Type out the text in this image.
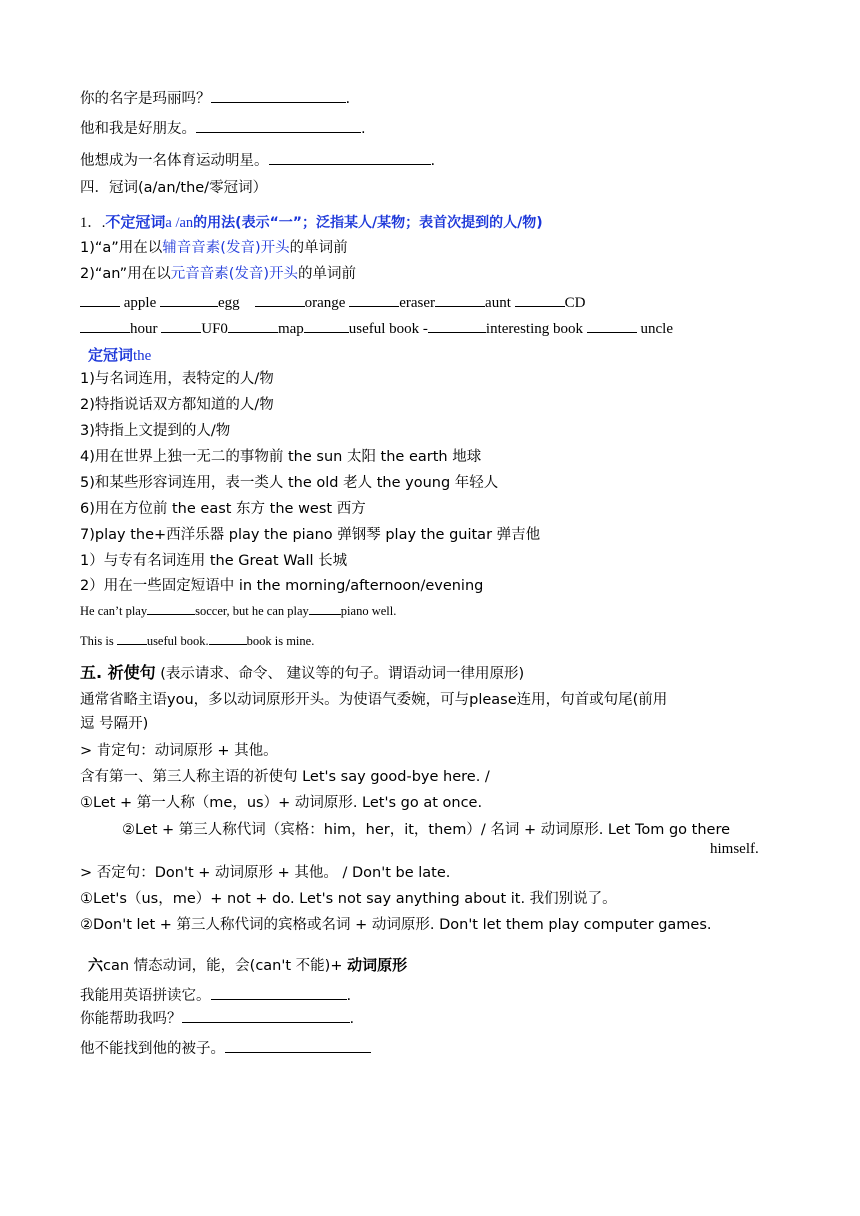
你的名字是玛丽吗？	.
他和我是好朋友。	.
他想成为一名体育运动明星。	.
四．冠词(a/an/the/零冠词）
1．.不定冠词a /an的用法(表示“一”；泛指某人/某物；表首次提到的人/物)
1)“a”用在以辅音音素(发音)开头的单词前
2)“an”用在以元音音素(发音)开头的单词前
apple	egg	orange	eraser	aunt	CD
hour	UF0	map	useful book -	interesting book	uncle
定冠词the
1)与名词连用，表特定的人/物
2)特指说话双方都知道的人/物
3)特指上文提到的人/物
4)用在世界上独一无二的事物前 the sun 太阳 the earth 地球
5)和某些形容词连用，表一类人 the old 老人 the young 年轻人
6)用在方位前 the east 东方 the west 西方
7)play the+西洋乐器 play the piano 弹钢琴 play the guitar 弹吉他
1）与专有名词连用 the Great Wall 长城
2）用在一些固定短语中 in the morning/afternoon/evening
He can’t play	soccer, but he can play	piano well.
This is	useful book.	book is mine.
五. 祈使句 (表示请求、命令、 建议等的句子。谓语动词一律用原形)
通常省略主语you，多以动词原形开头。为使语气委婉，可与please连用，句首或句尾(前用
逗 号隔开)
> 肯定句：动词原形 + 其他。
含有第一、第三人称主语的祈使句 Let's say good-bye here. /
①Let + 第一人称（me，us）+ 动词原形. Let's go at once.
②Let + 第三人称代词（宾格：him，her，it，them）/ 名词 + 动词原形. Let Tom go there
himself.
> 否定句：Don't + 动词原形 + 其他。 / Don't be late.
①Let's（us，me）+ not + do. Let's not say anything about it. 我们别说了。
②Don't let + 第三人称代词的宾格或名词 + 动词原形. Don't let them play computer games.
六can 情态动词，能，会(can't 不能)+ 动词原形
我能用英语拼读它。	.
你能帮助我吗？	.
他不能找到他的被子。
